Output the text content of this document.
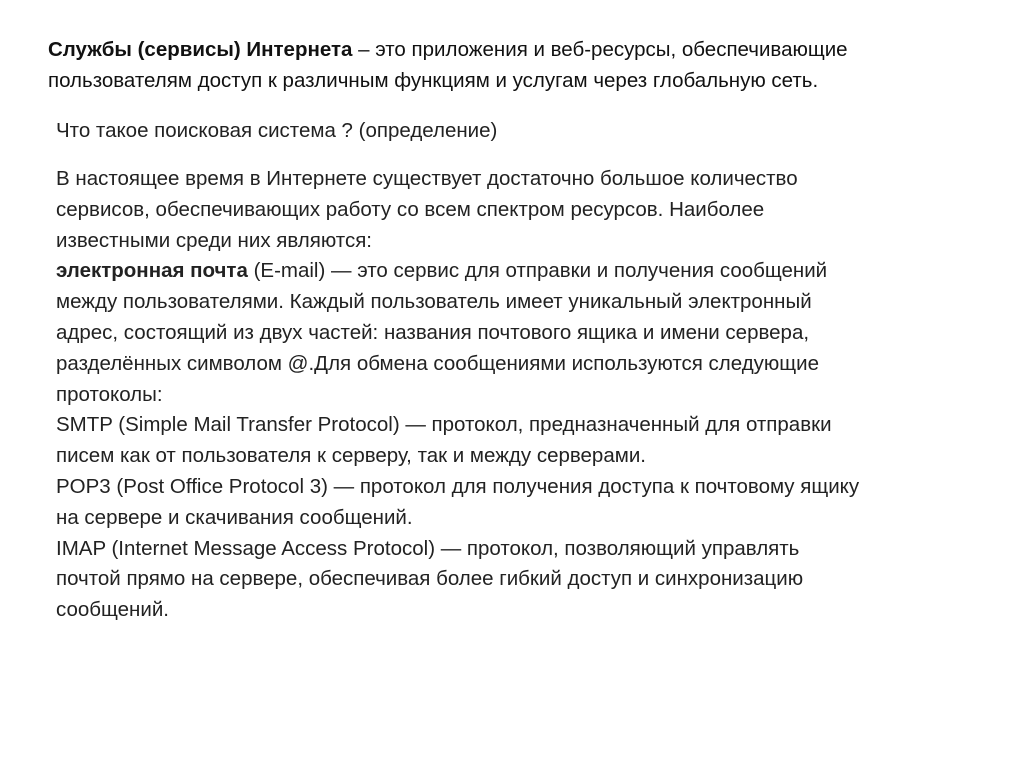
Службы (сервисы) Интернета – это приложения и веб-ресурсы, обеспечивающие
пользователям доступ к различным функциям и услугам через глобальную сеть.
Что такое поисковая система ? (определение)
В настоящее время в Интернете существует достаточно большое количество
сервисов, обеспечивающих работу со всем спектром ресурсов. Наиболее
известными среди них являются:
электронная почта (E-mail) — это сервис для отправки и получения сообщений
между пользователями. Каждый пользователь имеет уникальный электронный
адрес, состоящий из двух частей: названия почтового ящика и имени сервера,
разделённых символом @.Для обмена сообщениями используются следующие
протоколы:
SMTP (Simple Mail Transfer Protocol) — протокол, предназначенный для отправки
писем как от пользователя к серверу, так и между серверами.
POP3 (Post Office Protocol 3) — протокол для получения доступа к почтовому ящику
на сервере и скачивания сообщений.
IMAP (Internet Message Access Protocol) — протокол, позволяющий управлять
почтой прямо на сервере, обеспечивая более гибкий доступ и синхронизацию
сообщений.
